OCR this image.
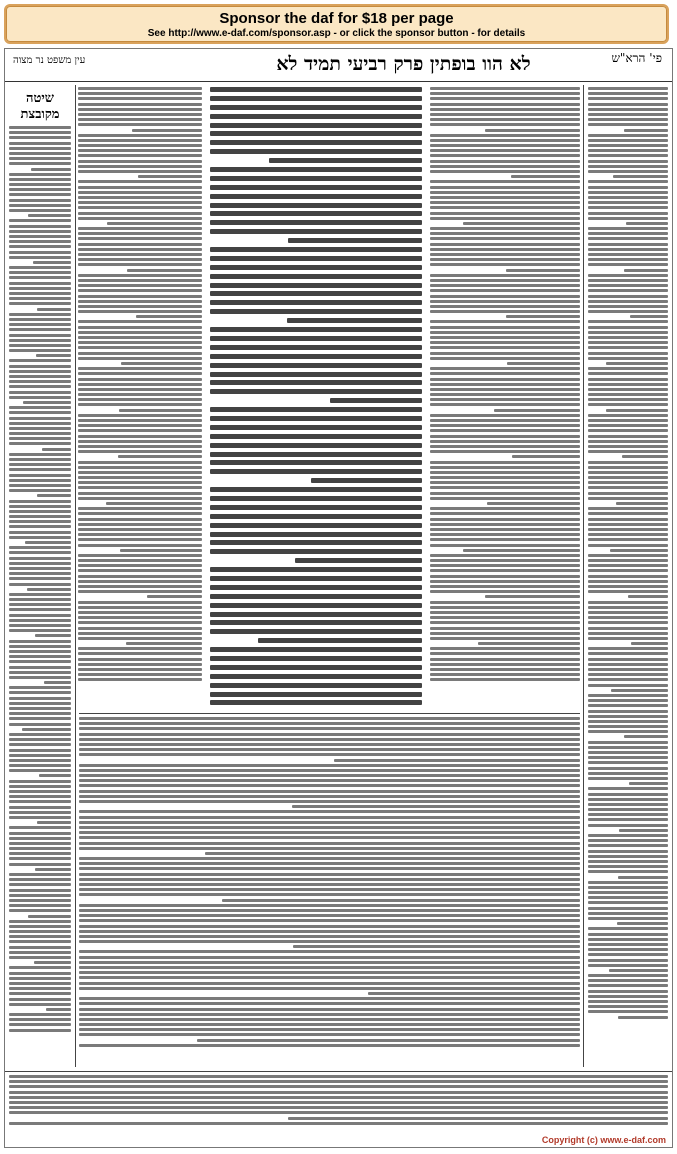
Sponsor the daf for $18 per page
See http://www.e-daf.com/sponsor.asp - or click the sponsor button - for details
לא הוו בופתין פרק רביעי תמיד לא	פי' הרא"ש
עין משפט נר מצוה
שיטה מקובצת
Copyright (c) www.e-daf.com
